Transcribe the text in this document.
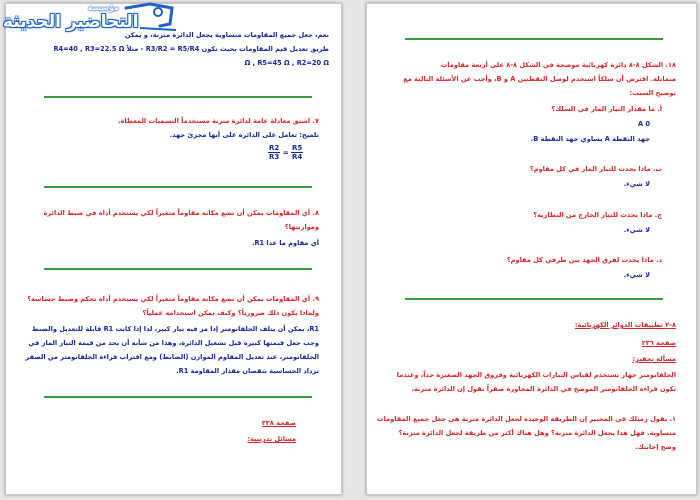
نعم، جعل جميع المقاومات متساوية يجعل الدائرة متزنة، و يمكن
طريق تعديل قيم المقاومات بحيث تكون R3/R2 = R5/R4 - مثلاً R4=40 , R3=22.5 Ω
Ω , R5=45 Ω , R2=20 Ω
٧. اشتق معادلة عامة لدائرة متزنة مستخدماً التسميات المعطاة.
تلميح: تعامل على الدائرة على أنها مجزئ جهد.
$\frac{R2}{R3} = \frac{R5}{R4}$
٨. أي المقاومات يمكن أن تضع مكانه مقاوماً متغيراً لكي يستخدم أداة في ضبط الدائرة
وموازنتها؟
أي مقاوم ما عدا R1.
٩. أي المقاومات يمكن أن تضع مكانه مقاوماً متغيراً لكي يستخدم أداة تحكم وضبط حساسة؟
ولماذا يكون ذلك ضرورياً؟ وكيف يمكن استخدامه عملياً؟
R1، يمكن أن يتلف الجلفانومتر إذا مر فيه تيار كبير، لذا إذا كانت R1 قابلة للتعديل والضبط
وجب جعل قيمتها كبيرة قبل تشغيل الدائرة، وهذا من شأنه أن يحد من قيمة التيار المار في
الجلفانومتر، عند تعديل المقاوم الموازن (الضابط) ومع اقتراب قراءة الجلفانومتر من الصفر
تزداد الحساسية بنقصان مقدار المقاومة R1.
صفحة ٢٣٨
مسائل تدريبية:
مؤسسة
التحاضير الحديثة
١٨. الشكل ٨-٨ دائرة كهربائية موضحة في الشكل ٨-٨ على أربعة مقاومات
متماثلة. افترض أن سلكاً استخدم لوصل النقطتين A و B، وأجب عن الأسئلة التالية مع
توضيح السبب:
أ. ما مقدار التيار المار في السلك؟
0 A
جهد النقطة A يساوي جهد النقطة B.
ب. ماذا يحدث للتيار المار في كل مقاوم؟
لا شيء.
ج. ماذا يحدث للتيار الخارج من البطارية؟
لا شيء.
د. ماذا يحدث لفرق الجهد بين طرفي كل مقاوم؟
لا شيء.
٨-٢ تطبيقات الدوائر الكهربائية:
صفحة ٢٣٦
مسألة تحفيز:
الجلفانومتر جهاز يستخدم لقياس التيارات الكهربائية وفروق الجهد الصغيرة جداً، وعندما
تكون قراءة الجلفانومتر الموضح في الدائرة المجاورة صفراً تقول إن الدائرة متزنة.
١. يقول زميلك في المختبر إن الطريقة الوحيدة لجعل الدائرة متزنة هي جعل جميع المقاومات
متساوية. فهل هذا يجعل الدائرة متزنة؟ وهل هناك أكثر من طريقة لجعل الدائرة متزنة؟
وضح إجابتك.
